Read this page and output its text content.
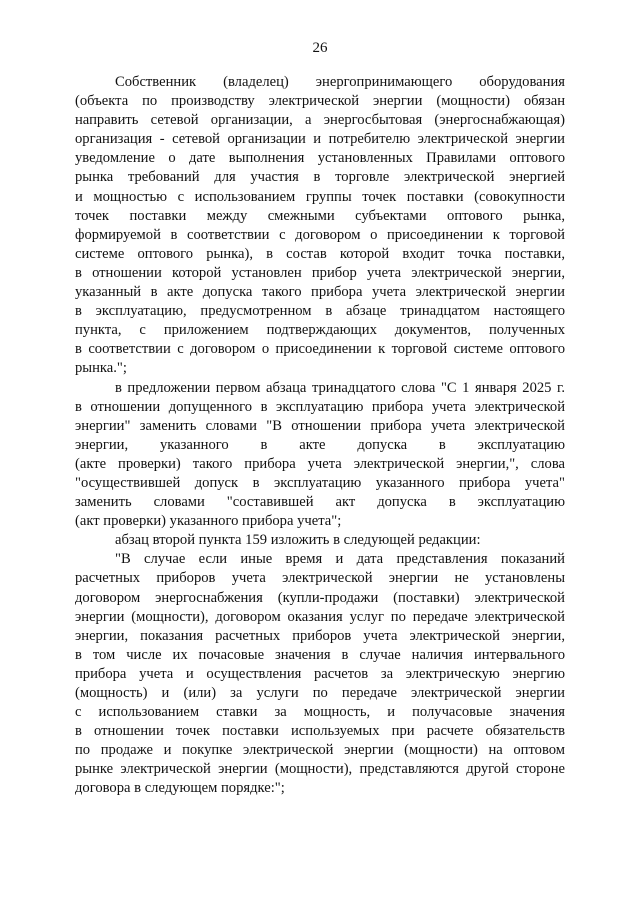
26
Собственник (владелец) энергопринимающего оборудования
(объекта по производству электрической энергии (мощности) обязан
направить сетевой организации, а энергосбытовая (энергоснабжающая)
организация - сетевой организации и потребителю электрической энергии
уведомление о дате выполнения установленных Правилами оптового
рынка требований для участия в торговле электрической энергией
и мощностью с использованием группы точек поставки (совокупности
точек поставки между смежными субъектами оптового рынка,
формируемой в соответствии с договором о присоединении к торговой
системе оптового рынка), в состав которой входит точка поставки,
в отношении которой установлен прибор учета электрической энергии,
указанный в акте допуска такого прибора учета электрической энергии
в эксплуатацию, предусмотренном в абзаце тринадцатом настоящего
пункта, с приложением подтверждающих документов, полученных
в соответствии с договором о присоединении к торговой системе оптового
рынка.";
в предложении первом абзаца тринадцатого слова "С 1 января 2025 г.
в отношении допущенного в эксплуатацию прибора учета электрической
энергии" заменить словами "В отношении прибора учета электрической
энергии, указанного в акте допуска в эксплуатацию
(акте проверки) такого прибора учета электрической энергии,", слова
"осуществившей допуск в эксплуатацию указанного прибора учета"
заменить словами "составившей акт допуска в эксплуатацию
(акт проверки) указанного прибора учета";
абзац второй пункта 159 изложить в следующей редакции:
"В случае если иные время и дата представления показаний
расчетных приборов учета электрической энергии не установлены
договором энергоснабжения (купли-продажи (поставки) электрической
энергии (мощности), договором оказания услуг по передаче электрической
энергии, показания расчетных приборов учета электрической энергии,
в том числе их почасовые значения в случае наличия интервального
прибора учета и осуществления расчетов за электрическую энергию
(мощность) и (или) за услуги по передаче электрической энергии
с использованием ставки за мощность, и получасовые значения
в отношении точек поставки используемых при расчете обязательств
по продаже и покупке электрической энергии (мощности) на оптовом
рынке электрической энергии (мощности), представляются другой стороне
договора в следующем порядке:";
